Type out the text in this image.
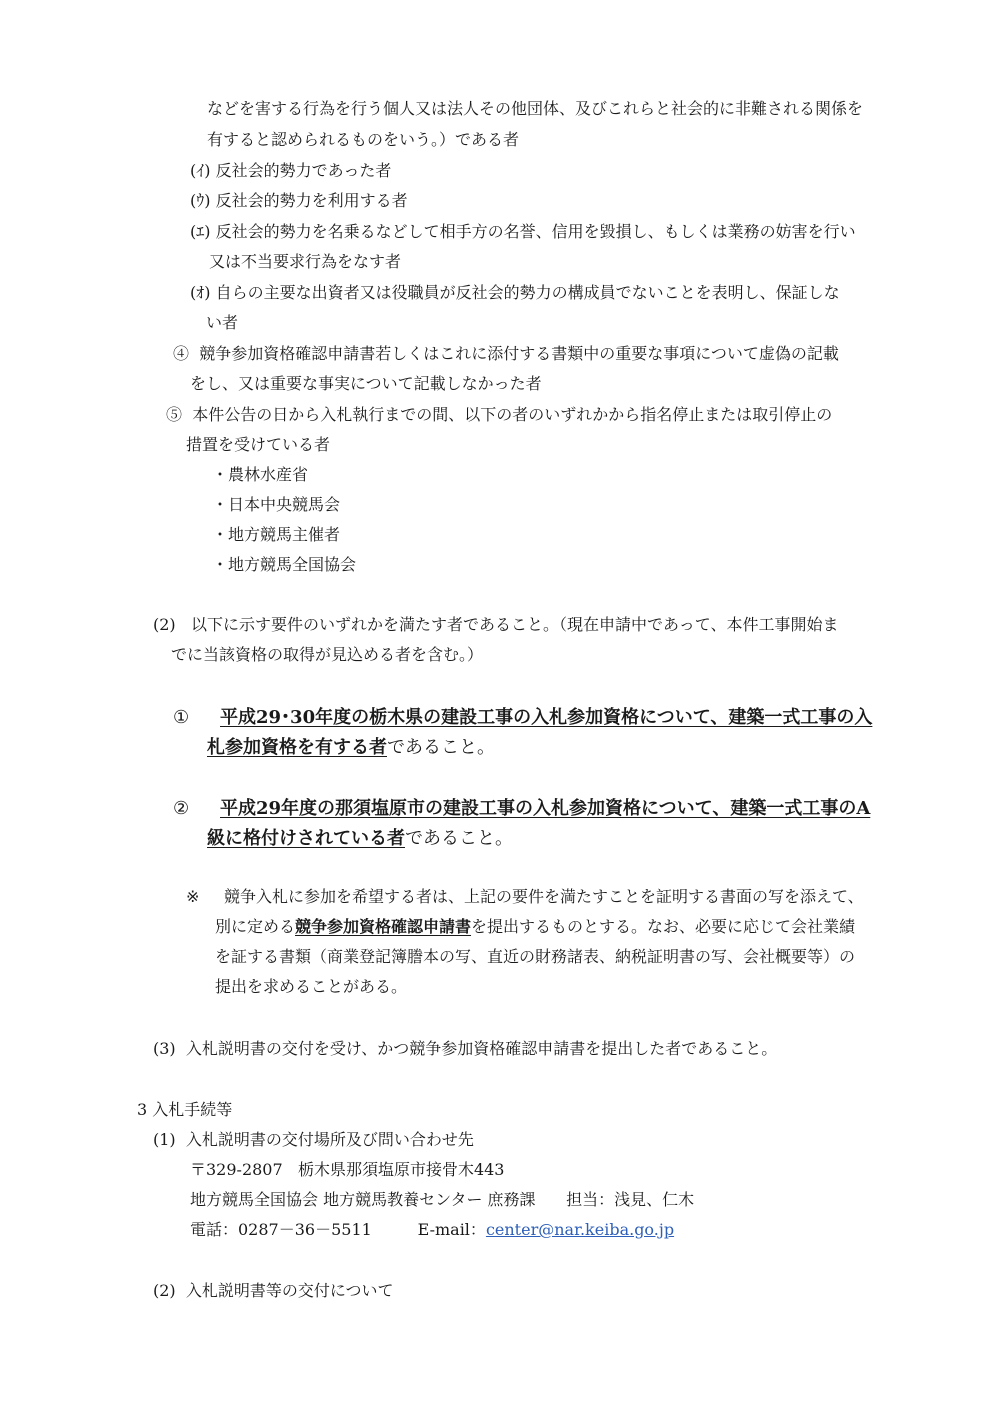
などを害する行為を行う個人又は法人その他団体、及びこれらと社会的に非難される関係を
有すると認められるものをいう。）である者
(ｲ) 反社会的勢力であった者
(ｳ) 反社会的勢力を利用する者
(ｴ) 反社会的勢力を名乗るなどして相手方の名誉、信用を毀損し、もしくは業務の妨害を行い
又は不当要求行為をなす者
(ｵ) 自らの主要な出資者又は役職員が反社会的勢力の構成員でないことを表明し、保証しな
い者
④ 競争参加資格確認申請書若しくはこれに添付する書類中の重要な事項について虚偽の記載
をし、又は重要な事実について記載しなかった者
⑤ 本件公告の日から入札執行までの間、以下の者のいずれかから指名停止または取引停止の
措置を受けている者
・農林水産省
・日本中央競馬会
・地方競馬主催者
・地方競馬全国協会
(2) 以下に示す要件のいずれかを満たす者であること。（現在申請中であって、本件工事開始ま
でに当該資格の取得が見込める者を含む。）
① 平成29･30年度の栃木県の建設工事の入札参加資格について、建築一式工事の入
札参加資格を有する者であること。
② 平成29年度の那須塩原市の建設工事の入札参加資格について、建築一式工事のA
級に格付けされている者であること。
※ 競争入札に参加を希望する者は、上記の要件を満たすことを証明する書面の写を添えて、
別に定める競争参加資格確認申請書を提出するものとする。なお、必要に応じて会社業績
を証する書類（商業登記簿謄本の写、直近の財務諸表、納税証明書の写、会社概要等）の
提出を求めることがある。
(3) 入札説明書の交付を受け、かつ競争参加資格確認申請書を提出した者であること。
3 入札手続等
(1) 入札説明書の交付場所及び問い合わせ先
〒329-2807 栃木県那須塩原市接骨木443
地方競馬全国協会 地方競馬教養センター 庶務課 担当：浅見、仁木
電話：0287－36－5511	E-mail：center@nar.keiba.go.jp
(2) 入札説明書等の交付について
